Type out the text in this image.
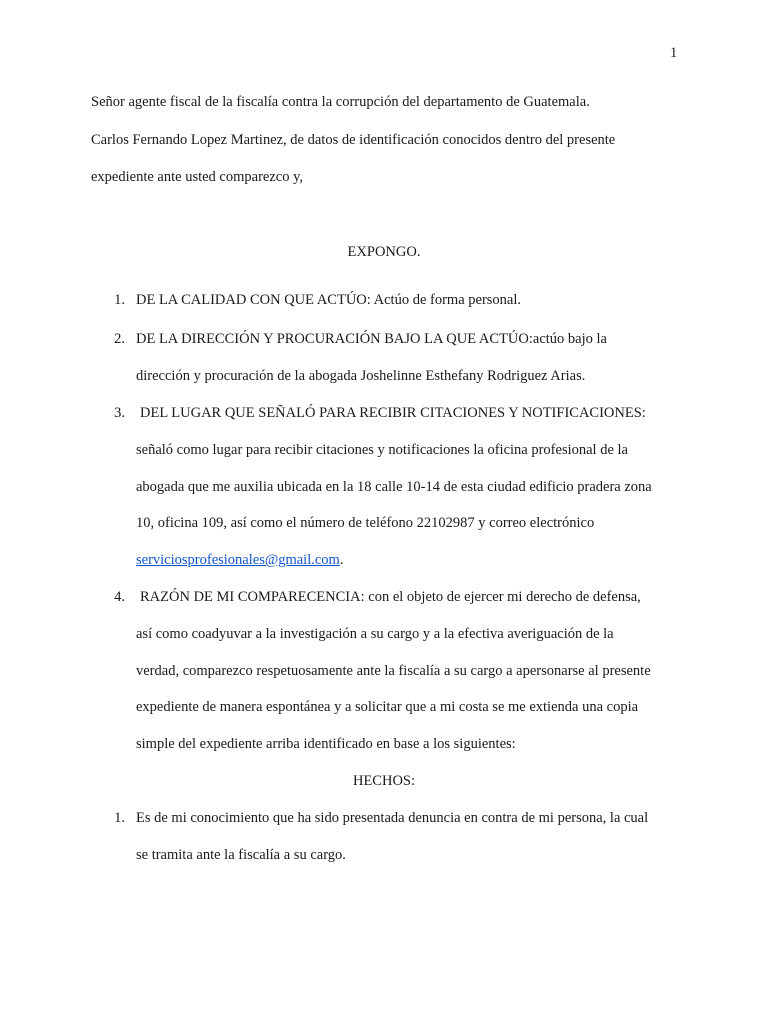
1
Señor agente fiscal de la fiscalía contra la corrupción del departamento de Guatemala.
Carlos Fernando Lopez Martinez, de datos de identificación conocidos dentro del presente
expediente ante usted comparezco y,
EXPONGO.
1. DE LA CALIDAD CON QUE ACTÚO: Actúo de forma personal.
2. DE LA DIRECCIÓN Y PROCURACIÓN BAJO LA QUE ACTÚO:actúo bajo la
dirección y procuración de la abogada Joshelinne Esthefany Rodriguez Arias.
3. DEL LUGAR QUE SEÑALÓ PARA RECIBIR CITACIONES Y NOTIFICACIONES:
señaló como lugar para recibir citaciones y notificaciones la oficina profesional de la
abogada que me auxilia ubicada en la 18 calle 10-14 de esta ciudad edificio pradera zona
10, oficina 109, así como el número de teléfono 22102987 y correo electrónico
serviciosprofesionales@gmail.com.
4. RAZÓN DE MI COMPARECENCIA: con el objeto de ejercer mi derecho de defensa,
así como coadyuvar a la investigación a su cargo y a la efectiva averiguación de la
verdad, comparezco respetuosamente ante la fiscalía a su cargo a apersonarse al presente
expediente de manera espontánea y a solicitar que a mi costa se me extienda una copia
simple del expediente arriba identificado en base a los siguientes:
HECHOS:
1. Es de mi conocimiento que ha sido presentada denuncia en contra de mi persona, la cual
se tramita ante la fiscalía a su cargo.
